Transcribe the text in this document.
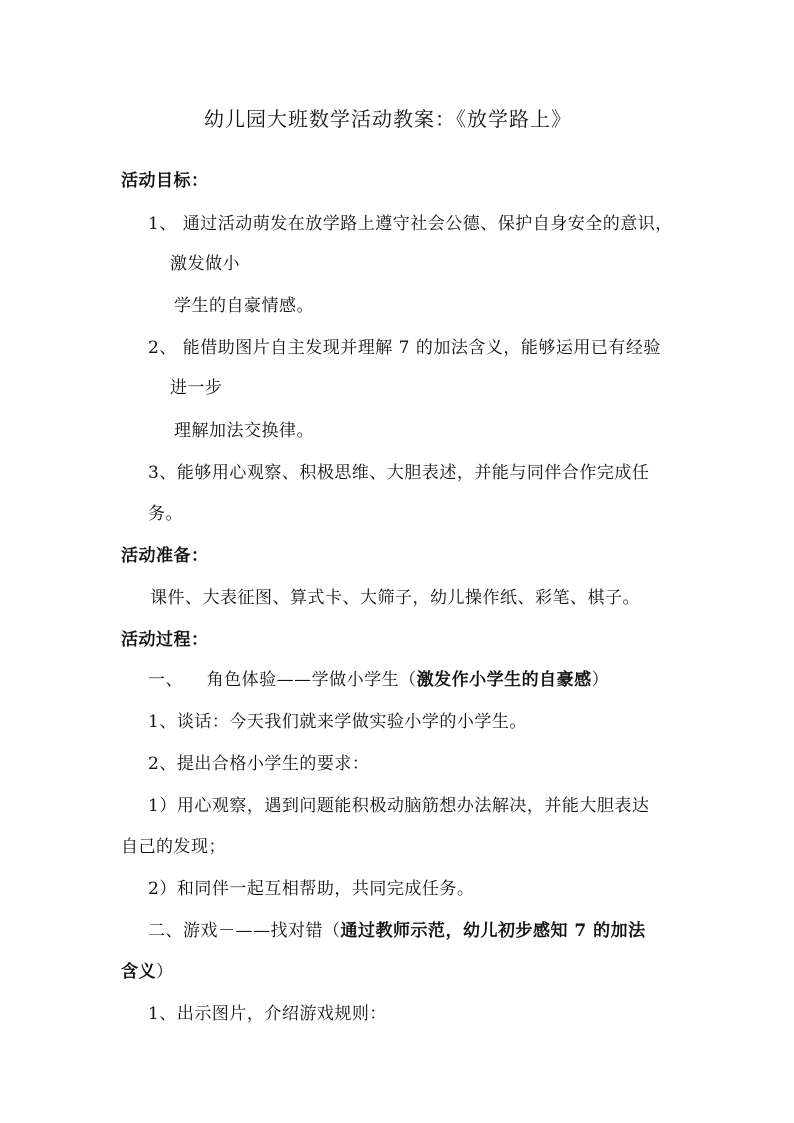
幼儿园大班数学活动教案：《放学路上》
活动目标：
1、 通过活动萌发在放学路上遵守社会公德、保护自身安全的意识，
激发做小
学生的自豪情感。
2、 能借助图片自主发现并理解 7 的加法含义，能够运用已有经验
进一步
理解加法交换律。
3、能够用心观察、积极思维、大胆表述，并能与同伴合作完成任
务。
活动准备：
课件、大表征图、算式卡、大筛子，幼儿操作纸、彩笔、棋子。
活动过程：
一、    角色体验——学做小学生（激发作小学生的自豪感）
1、谈话：今天我们就来学做实验小学的小学生。
2、提出合格小学生的要求：
1）用心观察，遇到问题能积极动脑筋想办法解决，并能大胆表达
自己的发现；
2）和同伴一起互相帮助，共同完成任务。
二、游戏－——找对错（通过教师示范，幼儿初步感知 7 的加法
含义）
1、出示图片，介绍游戏规则：
